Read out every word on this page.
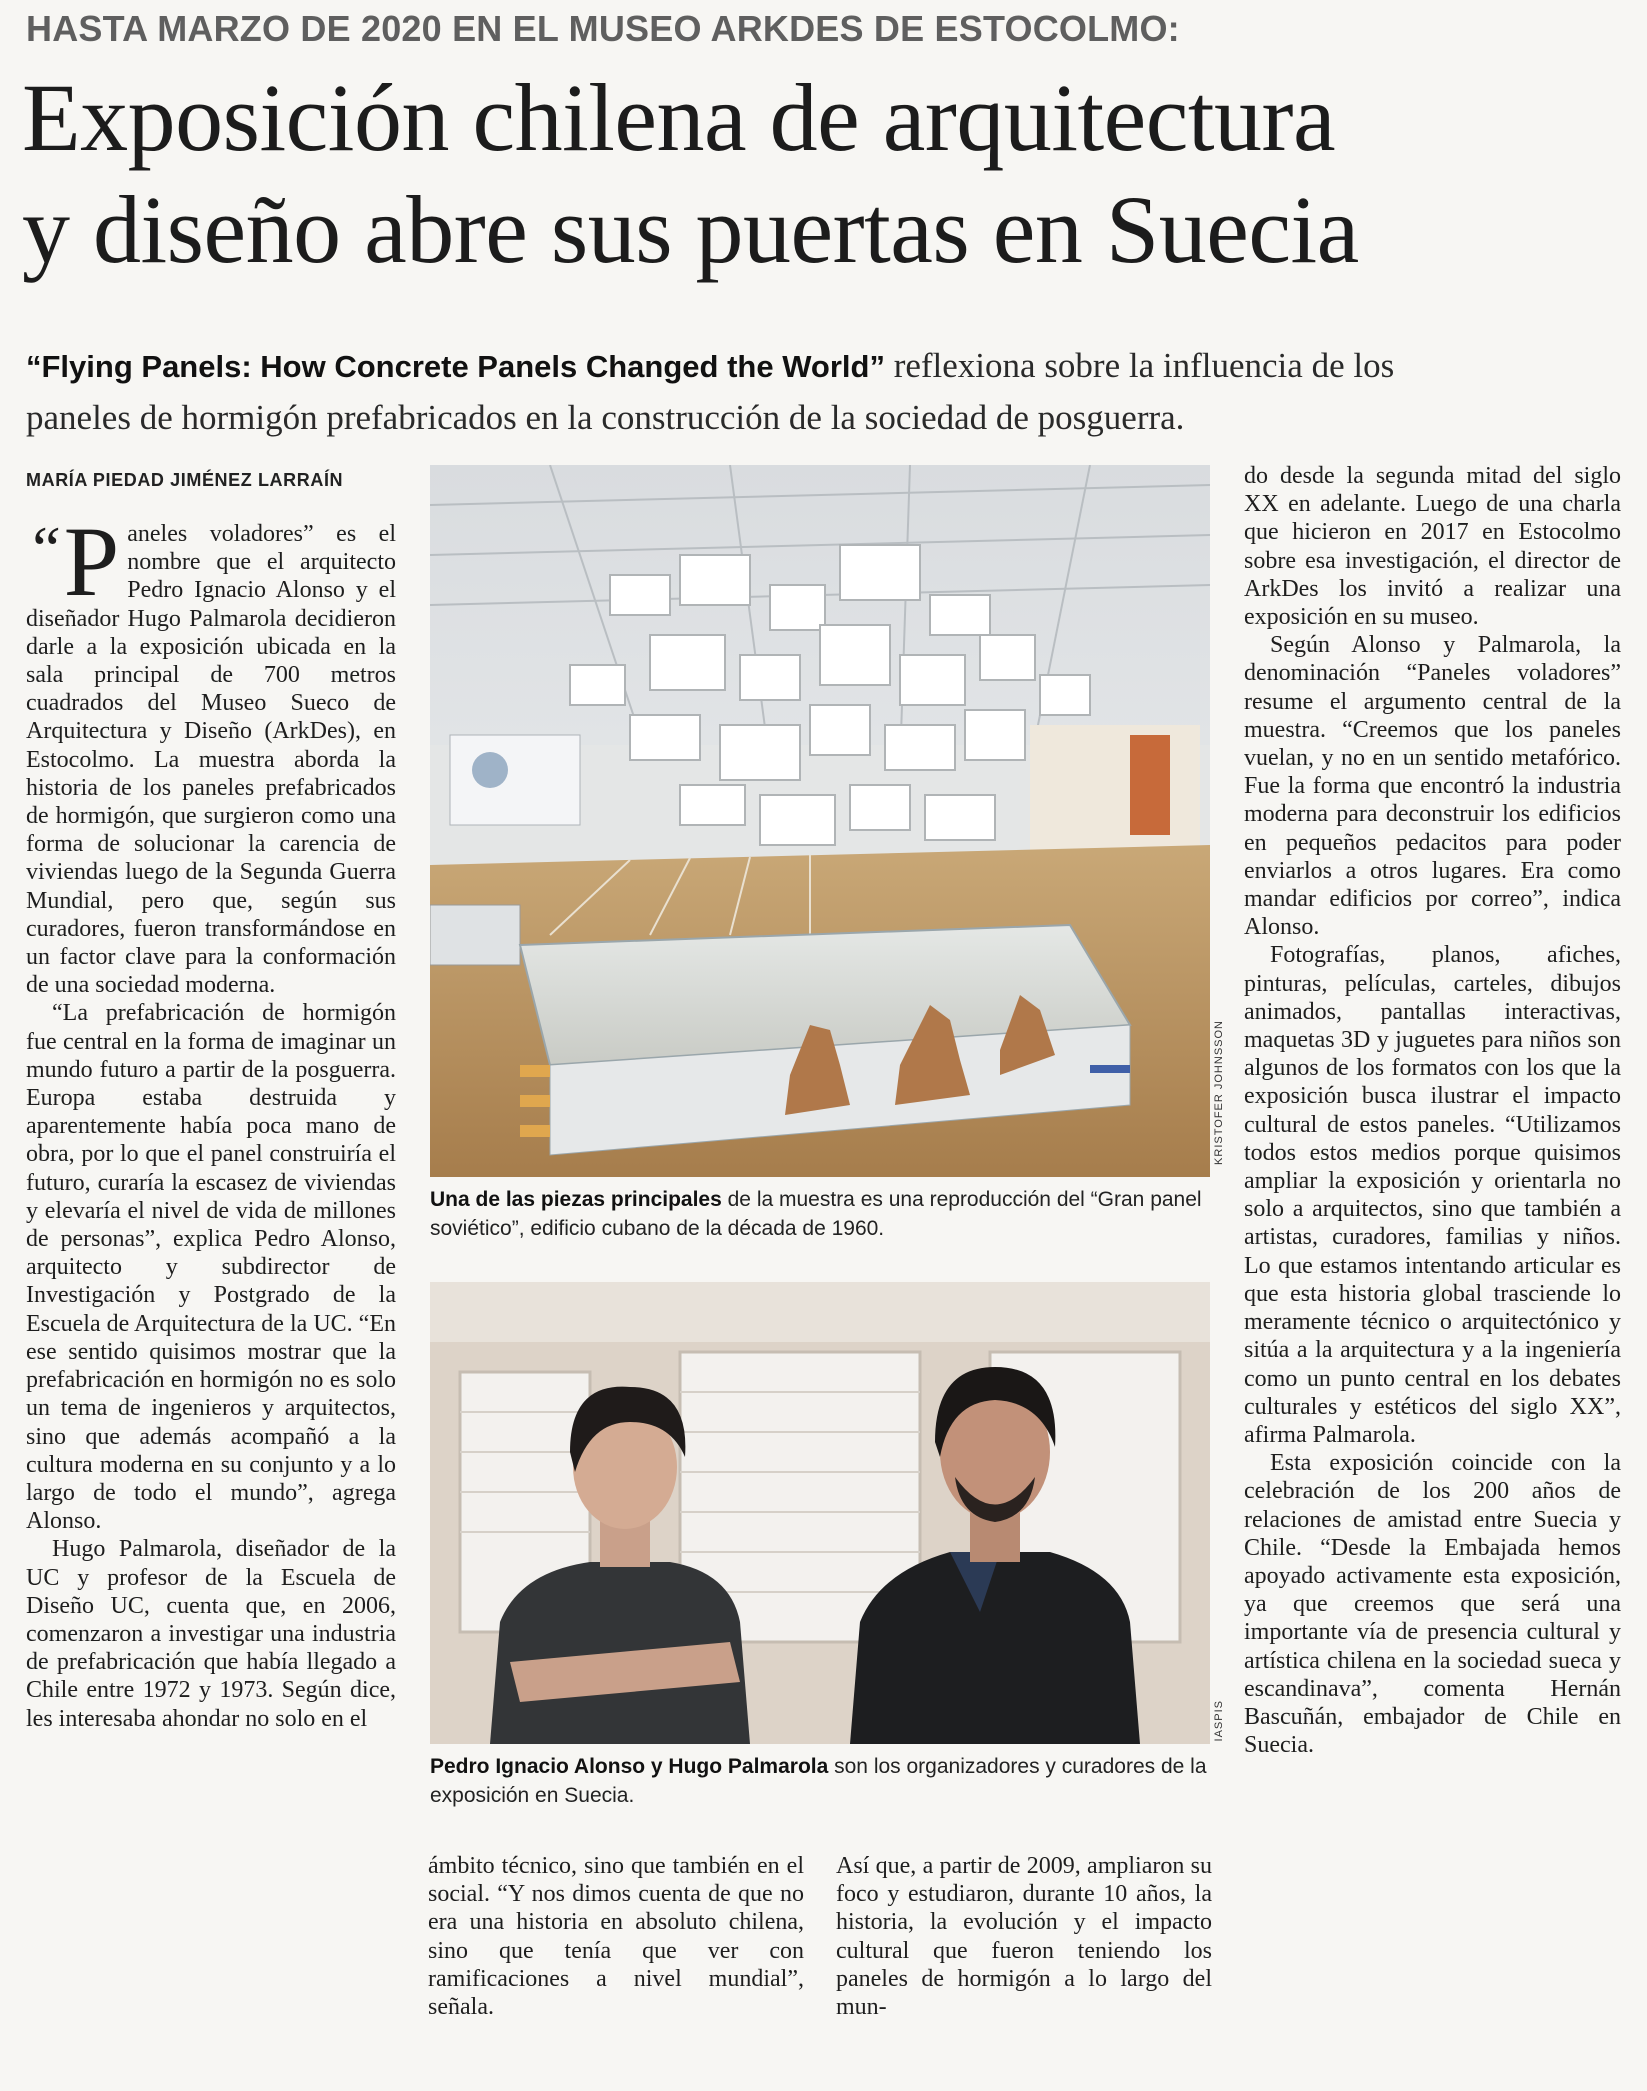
HASTA MARZO DE 2020 EN EL MUSEO ARKDES DE ESTOCOLMO:
Exposición chilena de arquitectura
y diseño abre sus puertas en Suecia
“Flying Panels: How Concrete Panels Changed the World” reflexiona sobre la influencia de los
paneles de hormigón prefabricados en la construcción de la sociedad de posguerra.
MARÍA PIEDAD JIMÉNEZ LARRAÍN

“ P aneles voladores” es el nombre que el arquitecto Pedro Ignacio Alonso y el diseñador Hugo Palmarola decidieron darle a la exposición ubicada en la sala principal de 700 metros cuadrados del Museo Sueco de Arquitectura y Diseño (ArkDes), en Estocolmo. La muestra aborda la historia de los paneles prefabricados de hormigón, que surgieron como una forma de solucionar la carencia de viviendas luego de la Segunda Guerra Mundial, pero que, según sus curadores, fueron transformándose en un factor clave para la conformación de una sociedad moderna.

“La prefabricación de hormigón fue central en la forma de imaginar un mundo futuro a partir de la posguerra. Europa estaba destruida y aparentemente había poca mano de obra, por lo que el panel construiría el futuro, curaría la escasez de viviendas y elevaría el nivel de vida de millones de personas”, explica Pedro Alonso, arquitecto y subdirector de Investigación y Postgrado de la Escuela de Arquitectura de la UC. “En ese sentido quisimos mostrar que la prefabricación en hormigón no es solo un tema de ingenieros y arquitectos, sino que además acompañó a la cultura moderna en su conjunto y a lo largo de todo el mundo”, agrega Alonso.

Hugo Palmarola, diseñador de la UC y profesor de la Escuela de Diseño UC, cuenta que, en 2006, comenzaron a investigar una industria de prefabricación que había llegado a Chile entre 1972 y 1973. Según dice, les interesaba ahondar no solo en el

KRISTOFER JOHNSSON
Una de las piezas principales de la muestra es una reproducción del “Gran panel soviético”, edificio cubano de la década de 1960.
IASPIS
Pedro Ignacio Alonso y Hugo Palmarola son los organizadores y curadores de la exposición en Suecia.

ámbito técnico, sino que también en el social. “Y nos dimos cuenta de que no era una historia en absoluto chilena, sino que tenía que ver con ramificaciones a nivel mundial”, señala.

Así que, a partir de 2009, ampliaron su foco y estudiaron, durante 10 años, la historia, la evolución y el impacto cultural que fueron teniendo los paneles de hormigón a lo largo del mun-

do desde la segunda mitad del siglo XX en adelante. Luego de una charla que hicieron en 2017 en Estocolmo sobre esa investigación, el director de ArkDes los invitó a realizar una exposición en su museo.

Según Alonso y Palmarola, la denominación “Paneles voladores” resume el argumento central de la muestra. “Creemos que los paneles vuelan, y no en un sentido metafórico. Fue la forma que encontró la industria moderna para deconstruir los edificios en pequeños pedacitos para poder enviarlos a otros lugares. Era como mandar edificios por correo”, indica Alonso.

Fotografías, planos, afiches, pinturas, películas, carteles, dibujos animados, pantallas interactivas, maquetas 3D y juguetes para niños son algunos de los formatos con los que la exposición busca ilustrar el impacto cultural de estos paneles. “Utilizamos todos estos medios porque quisimos ampliar la exposición y orientarla no solo a arquitectos, sino que también a artistas, curadores, familias y niños. Lo que estamos intentando articular es que esta historia global trasciende lo meramente técnico o arquitectónico y sitúa a la arquitectura y a la ingeniería como un punto central en los debates culturales y estéticos del siglo XX”, afirma Palmarola.

Esta exposición coincide con la celebración de los 200 años de relaciones de amistad entre Suecia y Chile. “Desde la Embajada hemos apoyado activamente esta exposición, ya que creemos que será una importante vía de presencia cultural y artística chilena en la sociedad sueca y escandinava”, comenta Hernán Bascuñán, embajador de Chile en Suecia.
